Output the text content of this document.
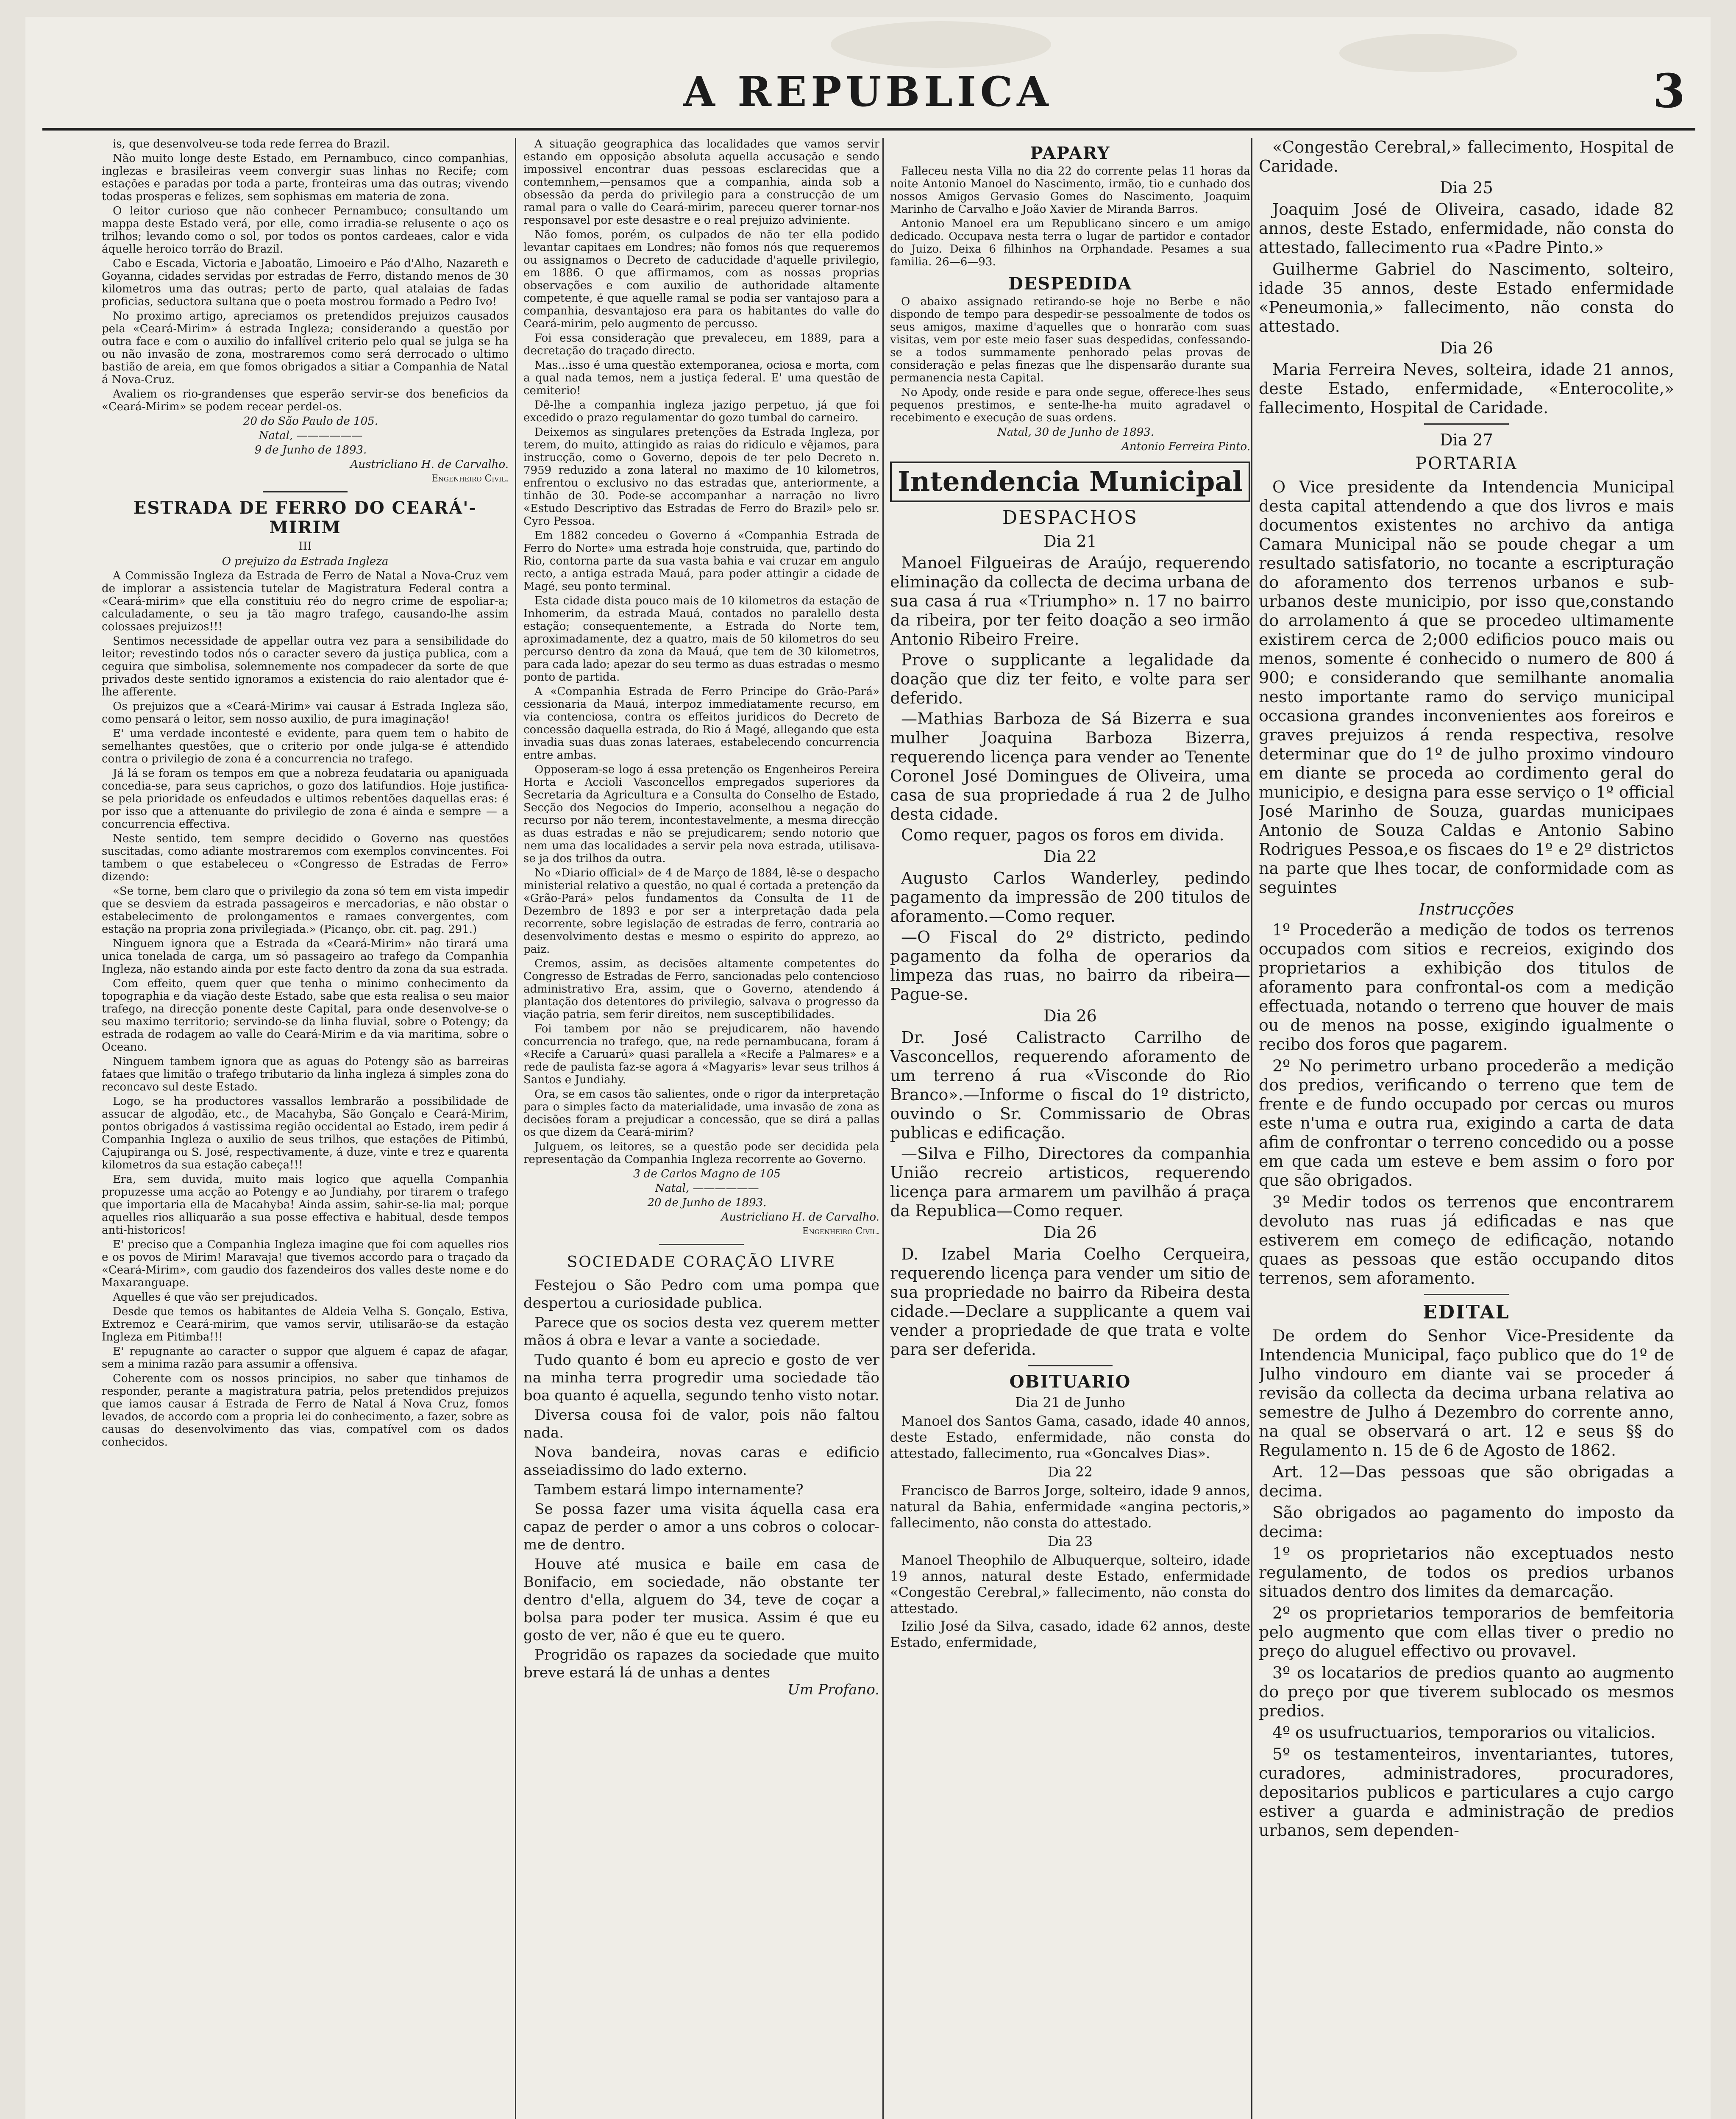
A REPUBLICA	3

is, que desenvolveu-se toda rede ferrea do Brazil.

Não muito longe deste Estado, em Pernambuco, cinco companhias, inglezas e brasileiras veem convergir suas linhas no Recife; com estações e paradas por toda a parte, fronteiras uma das outras; vivendo todas prosperas e felizes, sem sophismas em materia de zona.

O leitor curioso que não conhecer Pernambuco; consultando um mappa deste Estado verá, por elle, como irradia-se relusente o aço os trilhos; levando como o sol, por todos os pontos cardeaes, calor e vida áquelle heroico torrão do Brazil.

Cabo e Escada, Victoria e Jaboatão, Limoeiro e Páo d'Alho, Nazareth e Goyanna, cidades servidas por estradas de Ferro, distando menos de 30 kilometros uma das outras; perto de parto, qual atalaias de fadas proficias, seductora sultana que o poeta mostrou formado a Pedro Ivo!

No proximo artigo, apreciamos os pretendidos prejuizos causados pela «Ceará-Mirim» á estrada Ingleza; considerando a questão por outra face e com o auxilio do infallível criterio pelo qual se julga se ha ou não invasão de zona, mostraremos como será derrocado o ultimo bastião de areia, em que fomos obrigados a sitiar a Companhia de Natal á Nova-Cruz.

Avaliem os rio-grandenses que esperão servir-se dos beneficios da «Ceará-Mirim» se podem recear perdel-os.

20 do São Paulo de 105.

Natal, ——————

9 de Junho de 1893.

Austricliano H. de Carvalho.

Engenheiro Civil.

ESTRADA DE FERRO DO CEARÁ'-MIRIM
III
O prejuizo da Estrada Ingleza

A Commissão Ingleza da Estrada de Ferro de Natal a Nova-Cruz vem de implorar a assistencia tutelar de Magistratura Federal contra a «Ceará-mirim» que ella constituiu réo do negro crime de espoliar-a; calculadamente, o seu ja tão magro trafego, causando-lhe assim colossaes prejuizos!!!

Sentimos necessidade de appellar outra vez para a sensibilidade do leitor; revestindo todos nós o caracter severo da justiça publica, com a ceguira que simbolisa, solemnemente nos compadecer da sorte de que privados deste sentido ignoramos a existencia do raio alentador que é-lhe afferente.

Os prejuizos que a «Ceará-Mirim» vai causar á Estrada Ingleza são, como pensará o leitor, sem nosso auxilio, de pura imaginação!

E' uma verdade incontesté e evidente, para quem tem o habito de semelhantes questões, que o criterio por onde julga-se é attendido contra o privilegio de zona é a concurrencia no trafego.

Já lá se foram os tempos em que a nobreza feudataria ou apaniguada concedia-se, para seus caprichos, o gozo dos latifundios. Hoje justifica-se pela prioridade os enfeudados e ultimos rebentões daquellas eras: é por isso que a attenuante do privilegio de zona é ainda e sempre — a concurrencia effectiva.

Neste sentido, tem sempre decidido o Governo nas questões suscitadas, como adiante mostraremos com exemplos convincentes. Foi tambem o que estabeleceu o «Congresso de Estradas de Ferro» dizendo:

«Se torne, bem claro que o privilegio da zona só tem em vista impedir que se desviem da estrada passageiros e mercadorias, e não obstar o estabelecimento de prolongamentos e ramaes convergentes, com estação na propria zona privilegiada.» (Picanço, obr. cit. pag. 291.)

Ninguem ignora que a Estrada da «Ceará-Mirim» não tirará uma unica tonelada de carga, um só passageiro ao trafego da Companhia Ingleza, não estando ainda por este facto dentro da zona da sua estrada.

Com effeito, quem quer que tenha o minimo conhecimento da topographia e da viação deste Estado, sabe que esta realisa o seu maior trafego, na direcção ponente deste Capital, para onde desenvolve-se o seu maximo territorio; servindo-se da linha fluvial, sobre o Potengy; da estrada de rodagem ao valle do Ceará-Mirim e da via maritima, sobre o Oceano.

Ninguem tambem ignora que as aguas do Potengy são as barreiras fataes que limitão o trafego tributario da linha ingleza á simples zona do reconcavo sul deste Estado.

Logo, se ha productores vassallos lembrarão a possibilidade de assucar de algodão, etc., de Macahyba, São Gonçalo e Ceará-Mirim, pontos obrigados á vastissima região occidental ao Estado, irem pedir á Companhia Ingleza o auxilio de seus trilhos, que estações de Pitimbú, Cajupiranga ou S. José, respectivamente, á duze, vinte e trez e quarenta kilometros da sua estação cabeça!!!

Era, sem duvida, muito mais logico que aquella Companhia propuzesse uma acção ao Potengy e ao Jundiahy, por tirarem o trafego que importaria ella de Macahyba! Ainda assim, sahir-se-lia mal; porque aquelles rios alliquarão a sua posse effectiva e habitual, desde tempos anti-historicos!

E' preciso que a Companhia Ingleza imagine que foi com aquelles rios e os povos de Mirim! Maravaja! que tivemos accordo para o traçado da «Ceará-Mirim», com gaudio dos fazendeiros dos valles deste nome e do Maxaranguape.

Aquelles é que vão ser prejudicados.

Desde que temos os habitantes de Aldeia Velha S. Gonçalo, Estiva, Extremoz e Ceará-mirim, que vamos servir, utilisarão-se da estação Ingleza em Pitimba!!!

E' repugnante ao caracter o suppor que alguem é capaz de afagar, sem a minima razão para assumir a offensiva.

Coherente com os nossos principios, no saber que tinhamos de responder, perante a magistratura patria, pelos pretendidos prejuizos que iamos causar á Estrada de Ferro de Natal á Nova Cruz, fomos levados, de accordo com a propria lei do conhecimento, a fazer, sobre as causas do desenvolvimento das vias, compatível com os dados conhecidos.

A situação geographica das localidades que vamos servir estando em opposição absoluta aquella accusação e sendo impossivel encontrar duas pessoas esclarecidas que a contemnhem,—pensamos que a companhia, ainda sob a obsessão da perda do privilegio para a construcção de um ramal para o valle do Ceará-mirim, pareceu querer tornar-nos responsavel por este desastre e o real prejuizo adviniente.

Não fomos, porém, os culpados de não ter ella podido levantar capitaes em Londres; não fomos nós que requeremos ou assignamos o Decreto de caducidade d'aquelle privilegio, em 1886. O que affirmamos, com as nossas proprias observações e com auxilio de authoridade altamente competente, é que aquelle ramal se podia ser vantajoso para a companhia, desvantajoso era para os habitantes do valle do Ceará-mirim, pelo augmento de percusso.

Foi essa consideração que prevaleceu, em 1889, para a decretação do traçado directo.

Mas...isso é uma questão extemporanea, ociosa e morta, com a qual nada temos, nem a justiça federal. E' uma questão de cemiterio!

Dê-lhe a companhia ingleza jazigo perpetuo, já que foi excedido o prazo regulamentar do gozo tumbal do carneiro.

Deixemos as singulares pretenções da Estrada Ingleza, por terem, do muito, attingido as raias do ridiculo e vêjamos, para instrucção, como o Governo, depois de ter pelo Decreto n. 7959 reduzido a zona lateral no maximo de 10 kilometros, enfrentou o exclusivo no das estradas que, anteriormente, a tinhão de 30. Pode-se accompanhar a narração no livro «Estudo Descriptivo das Estradas de Ferro do Brazil» pelo sr. Cyro Pessoa.

Em 1882 concedeu o Governo á «Companhia Estrada de Ferro do Norte» uma estrada hoje construida, que, partindo do Rio, contorna parte da sua vasta bahia e vai cruzar em angulo recto, a antiga estrada Mauá, para poder attingir a cidade de Magé, seu ponto terminal.

Esta cidade dista pouco mais de 10 kilometros da estação de Inhomerim, da estrada Mauá, contados no paralello desta estação; consequentemente, a Estrada do Norte tem, aproximadamente, dez a quatro, mais de 50 kilometros do seu percurso dentro da zona da Mauá, que tem de 30 kilometros, para cada lado; apezar do seu termo as duas estradas o mesmo ponto de partida.

A «Companhia Estrada de Ferro Principe do Grão-Pará» cessionaria da Mauá, interpoz immediatamente recurso, em via contenciosa, contra os effeitos juridicos do Decreto de concessão daquella estrada, do Rio á Magé, allegando que esta invadia suas duas zonas lateraes, estabelecendo concurrencia entre ambas.

Opposeram-se logo á essa pretenção os Engenheiros Pereira Horta e Accioli Vasconcellos empregados superiores da Secretaria da Agricultura e a Consulta do Conselho de Estado, Secção dos Negocios do Imperio, aconselhou a negação do recurso por não terem, incontestavelmente, a mesma direcção as duas estradas e não se prejudicarem; sendo notorio que nem uma das localidades a servir pela nova estrada, utilisava-se ja dos trilhos da outra.

No «Diario official» de 4 de Março de 1884, lê-se o despacho ministerial relativo a questão, no qual é cortada a pretenção da «Grão-Pará» pelos fundamentos da Consulta de 11 de Dezembro de 1893 e por ser a interpretação dada pela recorrente, sobre legislação de estradas de ferro, contraria ao desenvolvimento destas e mesmo o espirito do apprezo, ao paiz.

Cremos, assim, as decisões altamente competentes do Congresso de Estradas de Ferro, sancionadas pelo contencioso administrativo Era, assim, que o Governo, atendendo á plantação dos detentores do privilegio, salvava o progresso da viação patria, sem ferir direitos, nem susceptibilidades.

Foi tambem por não se prejudicarem, não havendo concurrencia no trafego, que, na rede pernambucana, foram á «Recife a Caruarú» quasi parallela a «Recife a Palmares» e a rede de paulista faz-se agora á «Magyaris» levar seus trilhos á Santos e Jundiahy.

Ora, se em casos tão salientes, onde o rigor da interpretação para o simples facto da materialidade, uma invasão de zona as decisões foram a prejudicar a concessão, que se dirá a pallas os que dizem da Ceará-mirim?

Julguem, os leitores, se a questão pode ser decidida pela representação da Companhia Ingleza recorrente ao Governo.

3 de Carlos Magno de 105

Natal, ——————

20 de Junho de 1893.

Austricliano H. de Carvalho.

Engenheiro Civil.

SOCIEDADE CORAÇÃO LIVRE

Festejou o São Pedro com uma pompa que despertou a curiosidade publica.

Parece que os socios desta vez querem metter mãos á obra e levar a vante a sociedade.

Tudo quanto é bom eu aprecio e gosto de ver na minha terra progredir uma sociedade tão boa quanto é aquella, segundo tenho visto notar.

Diversa cousa foi de valor, pois não faltou nada.

Nova bandeira, novas caras e edificio asseiadissimo do lado externo.

Tambem estará limpo internamente?

Se possa fazer uma visita áquella casa era capaz de perder o amor a uns cobros o colocar-me de dentro.

Houve até musica e baile em casa de Bonifacio, em sociedade, não obstante ter dentro d'ella, alguem do 34, teve de coçar a bolsa para poder ter musica. Assim é que eu gosto de ver, não é que eu te quero.

Progridão os rapazes da sociedade que muito breve estará lá de unhas a dentes

Um Profano.

PAPARY

Falleceu nesta Villa no dia 22 do corrente pelas 11 horas da noite Antonio Manoel do Nascimento, irmão, tio e cunhado dos nossos Amigos Gervasio Gomes do Nascimento, Joaquim Marinho de Carvalho e João Xavier de Miranda Barros.

Antonio Manoel era um Republicano sincero e um amigo dedicado. Occupava nesta terra o lugar de partidor e contador do Juizo. Deixa 6 filhinhos na Orphandade. Pesames a sua familia. 26—6—93.

DESPEDIDA

O abaixo assignado retirando-se hoje no Berbe e não dispondo de tempo para despedir-se pessoalmente de todos os seus amigos, maxime d'aquelles que o honrarão com suas visitas, vem por este meio faser suas despedidas, confessando-se a todos summamente penhorado pelas provas de consideração e pelas finezas que lhe dispensarão durante sua permanencia nesta Capital.

No Apody, onde reside e para onde segue, offerece-lhes seus pequenos prestimos, e sente-lhe-ha muito agradavel o recebimento e execução de suas ordens.

Natal, 30 de Junho de 1893.

Antonio Ferreira Pinto.

Intendencia Municipal
DESPACHOS
Dia 21

Manoel Filgueiras de Araújo, requerendo eliminação da collecta de decima urbana de sua casa á rua «Triumpho» n. 17 no bairro da ribeira, por ter feito doação a seo irmão Antonio Ribeiro Freire.

Prove o supplicante a legalidade da doação que diz ter feito, e volte para ser deferido.

—Mathias Barboza de Sá Bizerra e sua mulher Joaquina Barboza Bizerra, requerendo licença para vender ao Tenente Coronel José Domingues de Oliveira, uma casa de sua propriedade á rua 2 de Julho desta cidade.

Como requer, pagos os foros em divida.

Dia 22

Augusto Carlos Wanderley, pedindo pagamento da impressão de 200 titulos de aforamento.—Como requer.

—O Fiscal do 2º districto, pedindo pagamento da folha de operarios da limpeza das ruas, no bairro da ribeira—Pague-se.

Dia 26

Dr. José Calistracto Carrilho de Vasconcellos, requerendo aforamento de um terreno á rua «Visconde do Rio Branco».—Informe o fiscal do 1º districto, ouvindo o Sr. Commissario de Obras publicas e edificação.

—Silva e Filho, Directores da companhia União recreio artisticos, requerendo licença para armarem um pavilhão á praça da Republica—Como requer.

Dia 26

D. Izabel Maria Coelho Cerqueira, requerendo licença para vender um sitio de sua propriedade no bairro da Ribeira desta cidade.—Declare a supplicante a quem vai vender a propriedade de que trata e volte para ser deferida.

OBITUARIO
Dia 21 de Junho

Manoel dos Santos Gama, casado, idade 40 annos, deste Estado, enfermidade, não consta do attestado, fallecimento, rua «Goncalves Dias».

Dia 22

Francisco de Barros Jorge, solteiro, idade 9 annos, natural da Bahia, enfermidade «angina pectoris,» fallecimento, não consta do attestado.

Dia 23

Manoel Theophilo de Albuquerque, solteiro, idade 19 annos, natural deste Estado, enfermidade «Congestão Cerebral,» fallecimento, não consta do attestado.

Izilio José da Silva, casado, idade 62 annos, deste Estado, enfermidade,

«Congestão Cerebral,» fallecimento, Hospital de Caridade.

Dia 25

Joaquim José de Oliveira, casado, idade 82 annos, deste Estado, enfermidade, não consta do attestado, fallecimento rua «Padre Pinto.»

Guilherme Gabriel do Nascimento, solteiro, idade 35 annos, deste Estado enfermidade «Peneumonia,» fallecimento, não consta do attestado.

Dia 26

Maria Ferreira Neves, solteira, idade 21 annos, deste Estado, enfermidade, «Enterocolite,» fallecimento, Hospital de Caridade.

Dia 27
PORTARIA

O Vice presidente da Intendencia Municipal desta capital attendendo a que dos livros e mais documentos existentes no archivo da antiga Camara Municipal não se poude chegar a um resultado satisfatorio, no tocante a escripturação do aforamento dos terrenos urbanos e sub-urbanos deste municipio, por isso que,constando do arrolamento á que se procedeo ultimamente existirem cerca de 2;000 edificios pouco mais ou menos, somente é conhecido o numero de 800 á 900; e considerando que semilhante anomalia nesto importante ramo do serviço municipal occasiona grandes inconvenientes aos foreiros e graves prejuizos á renda respectiva, resolve determinar que do 1º de julho proximo vindouro em diante se proceda ao cordimento geral do municipio, e designa para esse serviço o 1º official José Marinho de Souza, guardas municipaes Antonio de Souza Caldas e Antonio Sabino Rodrigues Pessoa,e os fiscaes do 1º e 2º districtos na parte que lhes tocar, de conformidade com as seguintes

Instrucções

1º Procederão a medição de todos os terrenos occupados com sitios e recreios, exigindo dos proprietarios a exhibição dos titulos de aforamento para confrontal-os com a medição effectuada, notando o terreno que houver de mais ou de menos na posse, exigindo igualmente o recibo dos foros que pagarem.

2º No perimetro urbano procederão a medição dos predios, verificando o terreno que tem de frente e de fundo occupado por cercas ou muros este n'uma e outra rua, exigindo a carta de data afim de confrontar o terreno concedido ou a posse em que cada um esteve e bem assim o foro por que são obrigados.

3º Medir todos os terrenos que encontrarem devoluto nas ruas já edificadas e nas que estiverem em começo de edificação, notando quaes as pessoas que estão occupando ditos terrenos, sem aforamento.

EDITAL

De ordem do Senhor Vice-Presidente da Intendencia Municipal, faço publico que do 1º de Julho vindouro em diante vai se proceder á revisão da collecta da decima urbana relativa ao semestre de Julho á Dezembro do corrente anno, na qual se observará o art. 12 e seus §§ do Regulamento n. 15 de 6 de Agosto de 1862.

Art. 12—Das pessoas que são obrigadas a decima.

São obrigados ao pagamento do imposto da decima:

1º os proprietarios não exceptuados nesto regulamento, de todos os predios urbanos situados dentro dos limites da demarcação.

2º os proprietarios temporarios de bemfeitoria pelo augmento que com ellas tiver o predio no preço do aluguel effectivo ou provavel.

3º os locatarios de predios quanto ao augmento do preço por que tiverem sublocado os mesmos predios.

4º os usufructuarios, temporarios ou vitalicios.

5º os testamenteiros, inventariantes, tutores, curadores, administradores, procuradores, depositarios publicos e particulares a cujo cargo estiver a guarda e administração de predios urbanos, sem dependen-
